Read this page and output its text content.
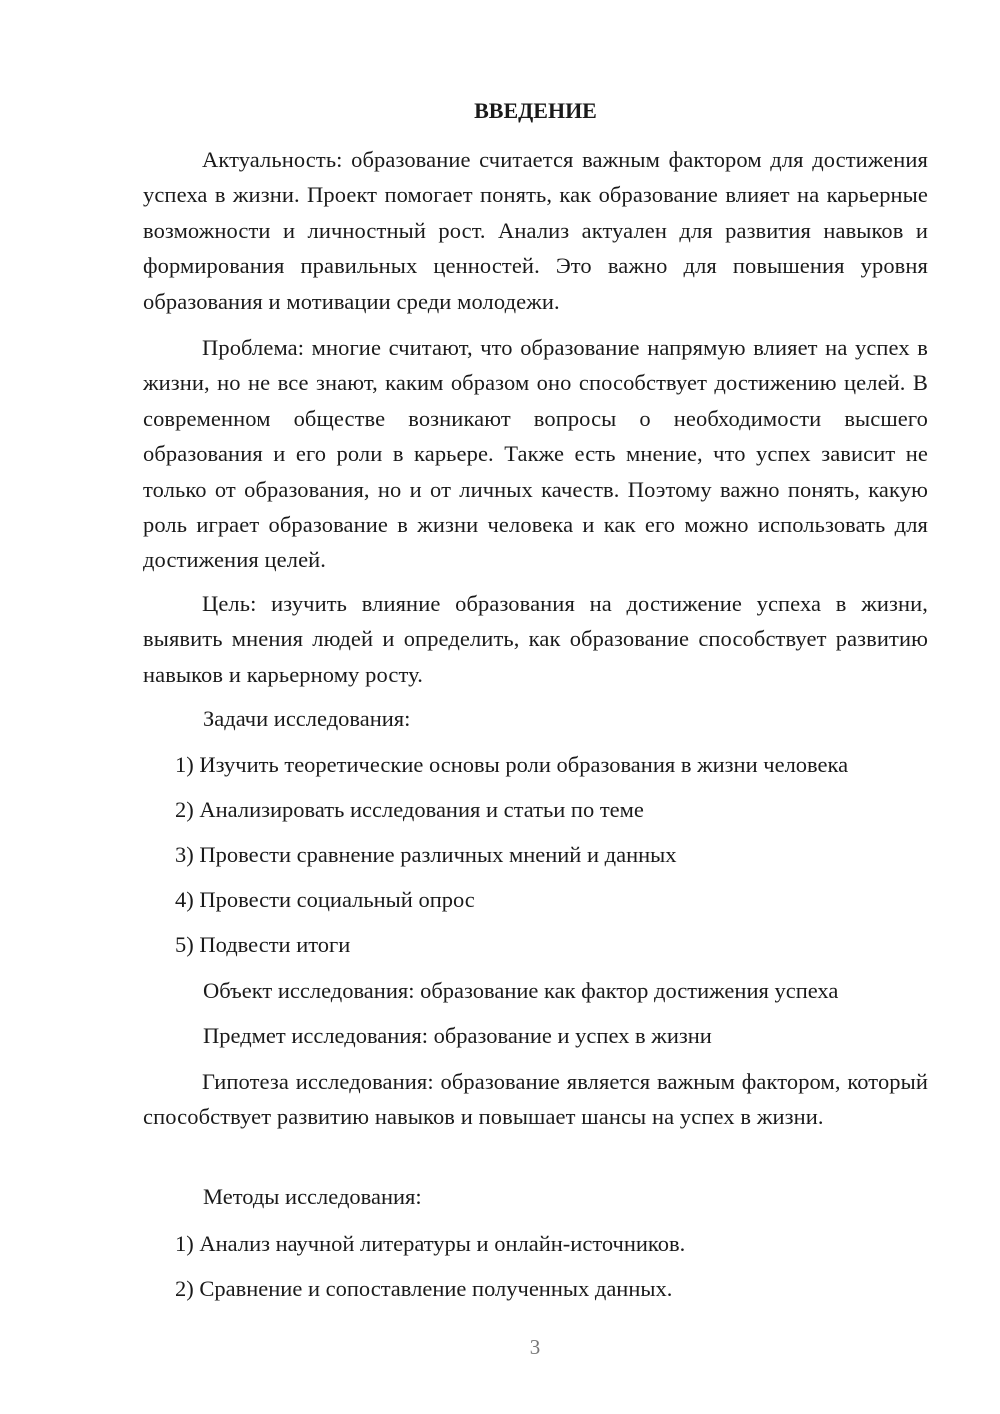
ВВЕДЕНИЕ

Актуальность: образование считается важным фактором для достижения успеха в жизни. Проект помогает понять, как образование влияет на карьерные возможности и личностный рост. Анализ актуален для развития навыков и формирования правильных ценностей. Это важно для повышения уровня образования и мотивации среди молодежи.

Проблема: многие считают, что образование напрямую влияет на успех в жизни, но не все знают, каким образом оно способствует достижению целей. В современном обществе возникают вопросы о необходимости высшего образования и его роли в карьере. Также есть мнение, что успех зависит не только от образования, но и от личных качеств. Поэтому важно понять, какую роль играет образование в жизни человека и как его можно использовать для достижения целей.

Цель: изучить влияние образования на достижение успеха в жизни, выявить мнения людей и определить, как образование способствует развитию навыков и карьерному росту.

Задачи исследования:

1) Изучить теоретические основы роли образования в жизни человека

2) Анализировать исследования и статьи по теме

3) Провести сравнение различных мнений и данных

4) Провести социальный опрос

5) Подвести итоги

Объект исследования: образование как фактор достижения успеха

Предмет исследования: образование и успех в жизни

Гипотеза исследования: образование является важным фактором, который способствует развитию навыков и повышает шансы на успех в жизни.

Методы исследования:

1) Анализ научной литературы и онлайн-источников.

2) Сравнение и сопоставление полученных данных.

3
